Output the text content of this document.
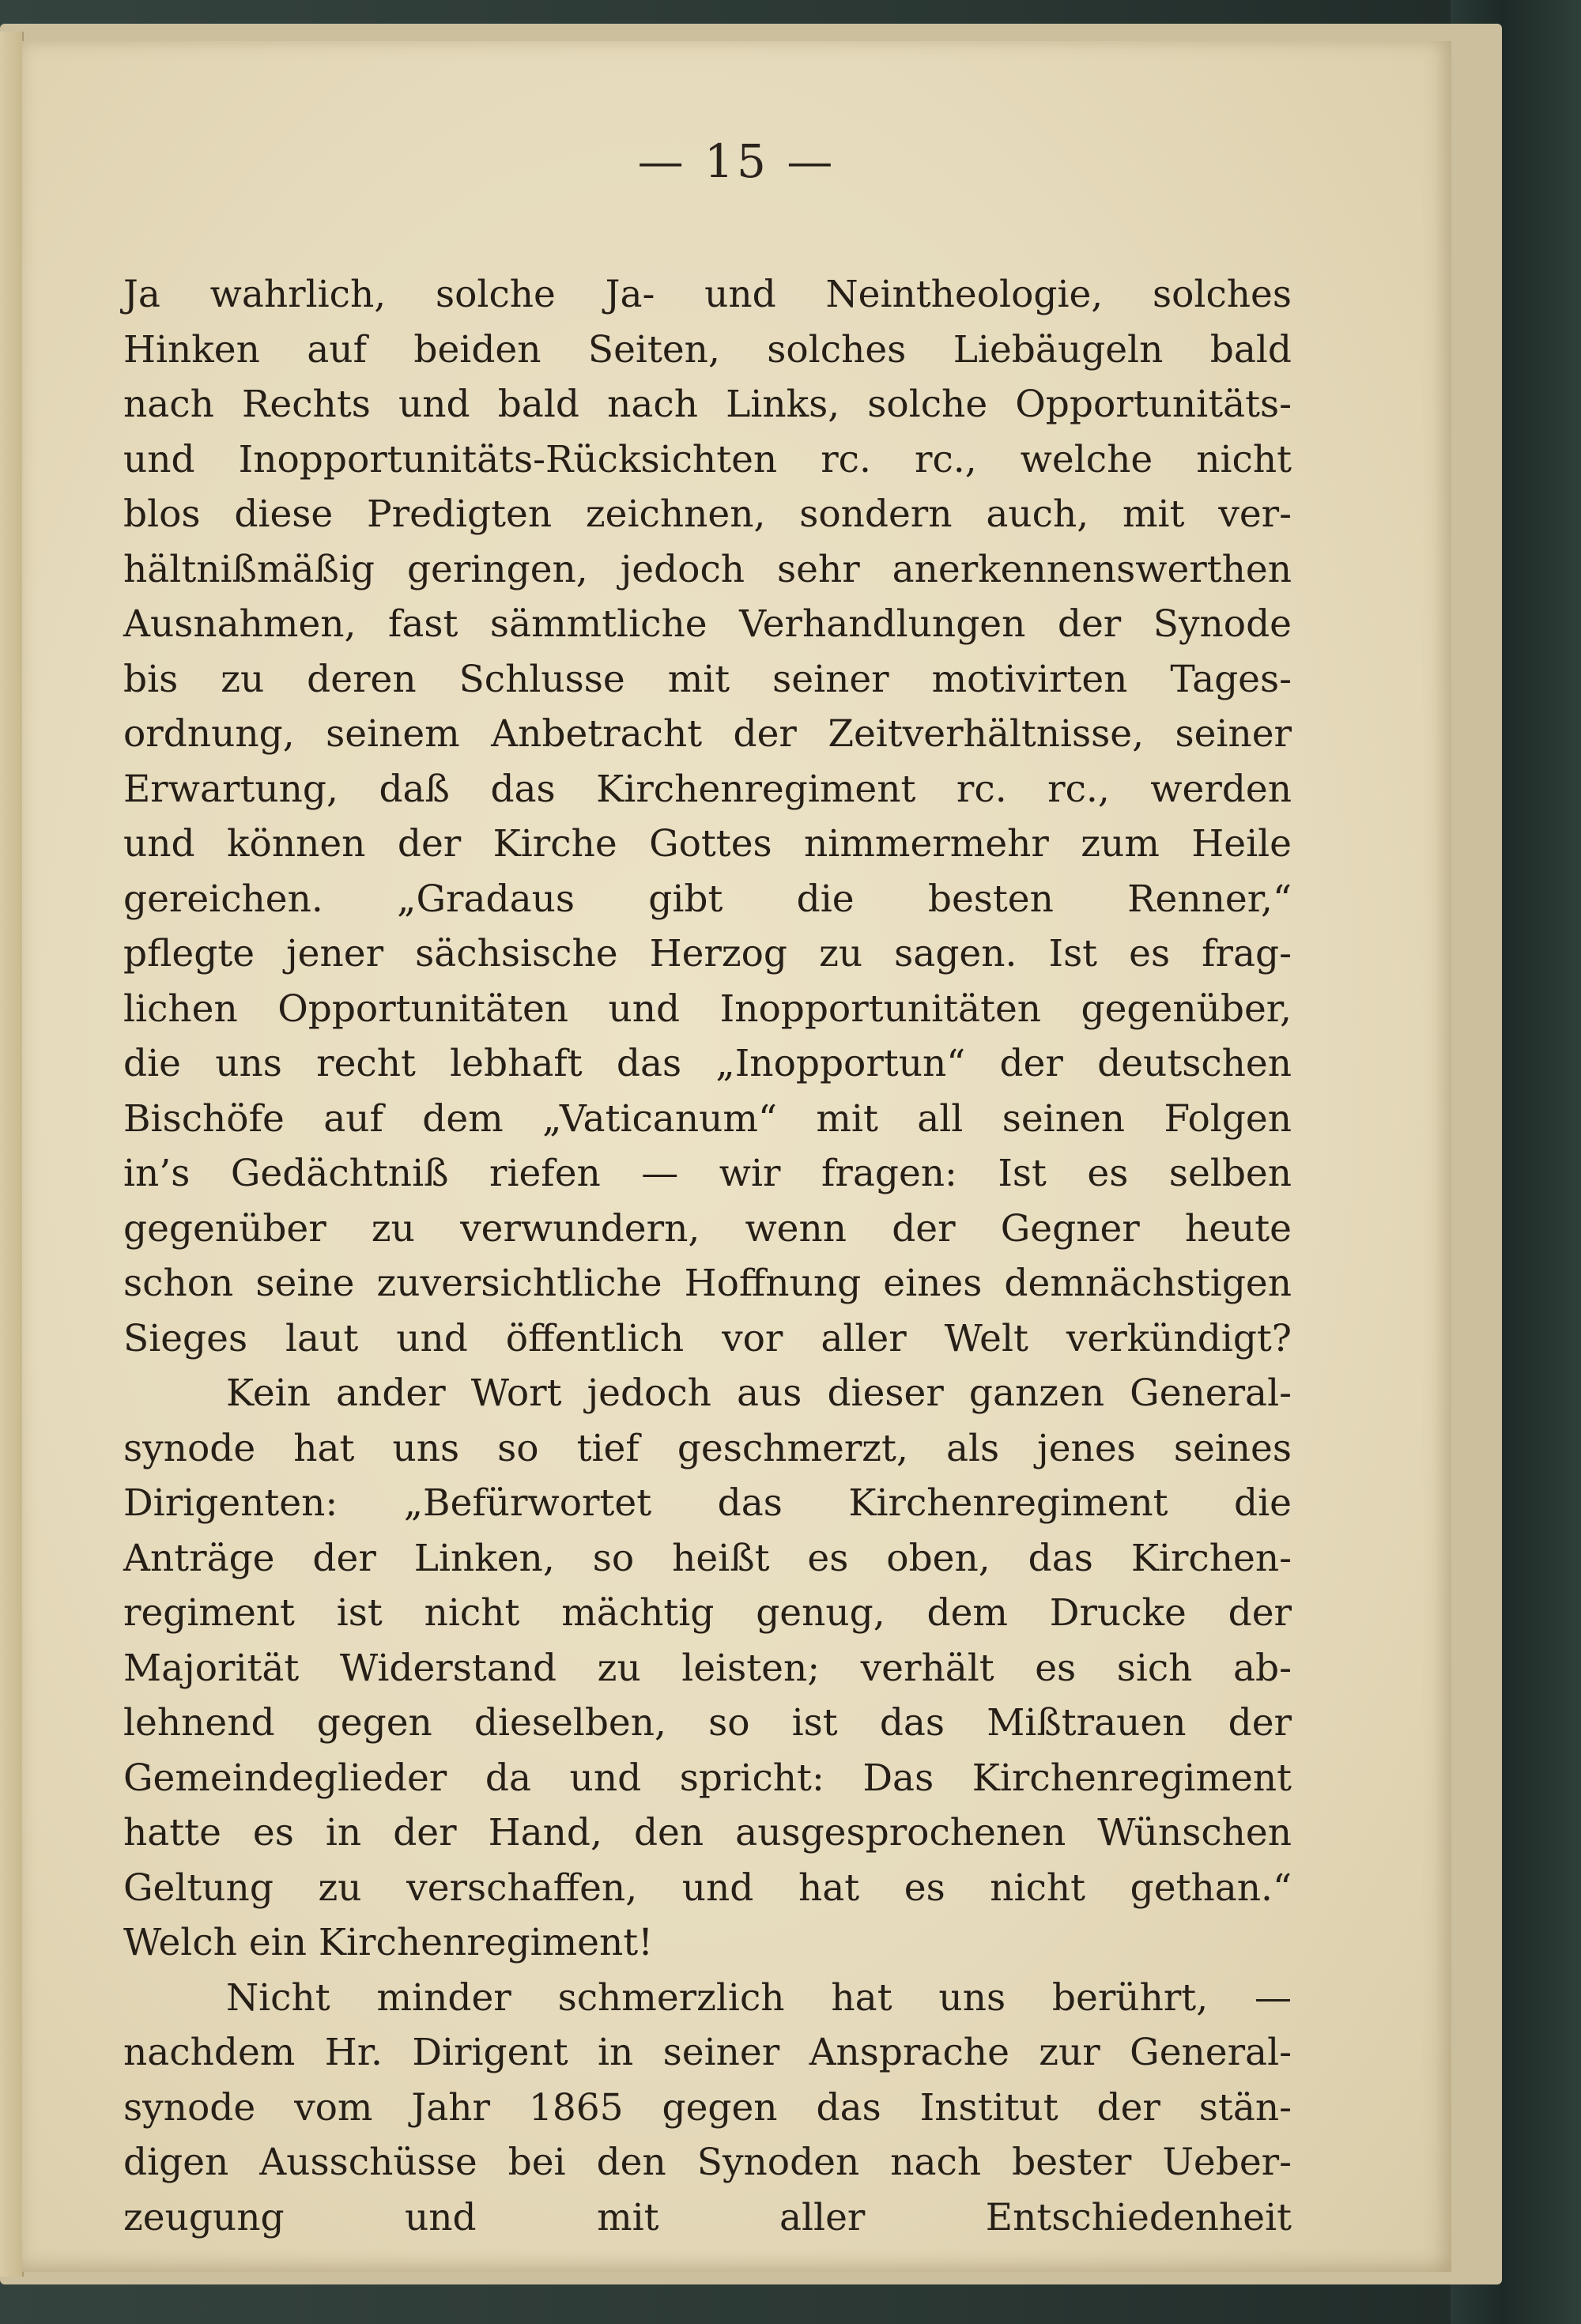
— 15 —
Ja wahrlich, solche Ja- und Neintheologie, solches
Hinken auf beiden Seiten, solches Liebäugeln bald
nach Rechts und bald nach Links, solche Opportunitäts-
und Inopportunitäts-Rücksichten rc. rc., welche nicht
blos diese Predigten zeichnen, sondern auch, mit ver-
hältnißmäßig geringen, jedoch sehr anerkennenswerthen
Ausnahmen, fast sämmtliche Verhandlungen der Synode
bis zu deren Schlusse mit seiner motivirten Tages-
ordnung, seinem Anbetracht der Zeitverhältnisse, seiner
Erwartung, daß das Kirchenregiment rc. rc., werden
und können der Kirche Gottes nimmermehr zum Heile
gereichen. „Gradaus gibt die besten Renner,“
pflegte jener sächsische Herzog zu sagen. Ist es frag-
lichen Opportunitäten und Inopportunitäten gegenüber,
die uns recht lebhaft das „Inopportun“ der deutschen
Bischöfe auf dem „Vaticanum“ mit all seinen Folgen
in’s Gedächtniß riefen — wir fragen: Ist es selben
gegenüber zu verwundern, wenn der Gegner heute
schon seine zuversichtliche Hoffnung eines demnächstigen
Sieges laut und öffentlich vor aller Welt verkündigt?
Kein ander Wort jedoch aus dieser ganzen General-
synode hat uns so tief geschmerzt, als jenes seines
Dirigenten: „Befürwortet das Kirchenregiment die
Anträge der Linken, so heißt es oben, das Kirchen-
regiment ist nicht mächtig genug, dem Drucke der
Majorität Widerstand zu leisten; verhält es sich ab-
lehnend gegen dieselben, so ist das Mißtrauen der
Gemeindeglieder da und spricht: Das Kirchenregiment
hatte es in der Hand, den ausgesprochenen Wünschen
Geltung zu verschaffen, und hat es nicht gethan.“
Welch ein Kirchenregiment!
Nicht minder schmerzlich hat uns berührt, —
nachdem Hr. Dirigent in seiner Ansprache zur General-
synode vom Jahr 1865 gegen das Institut der stän-
digen Ausschüsse bei den Synoden nach bester Ueber-
zeugung und mit aller Entschiedenheit
